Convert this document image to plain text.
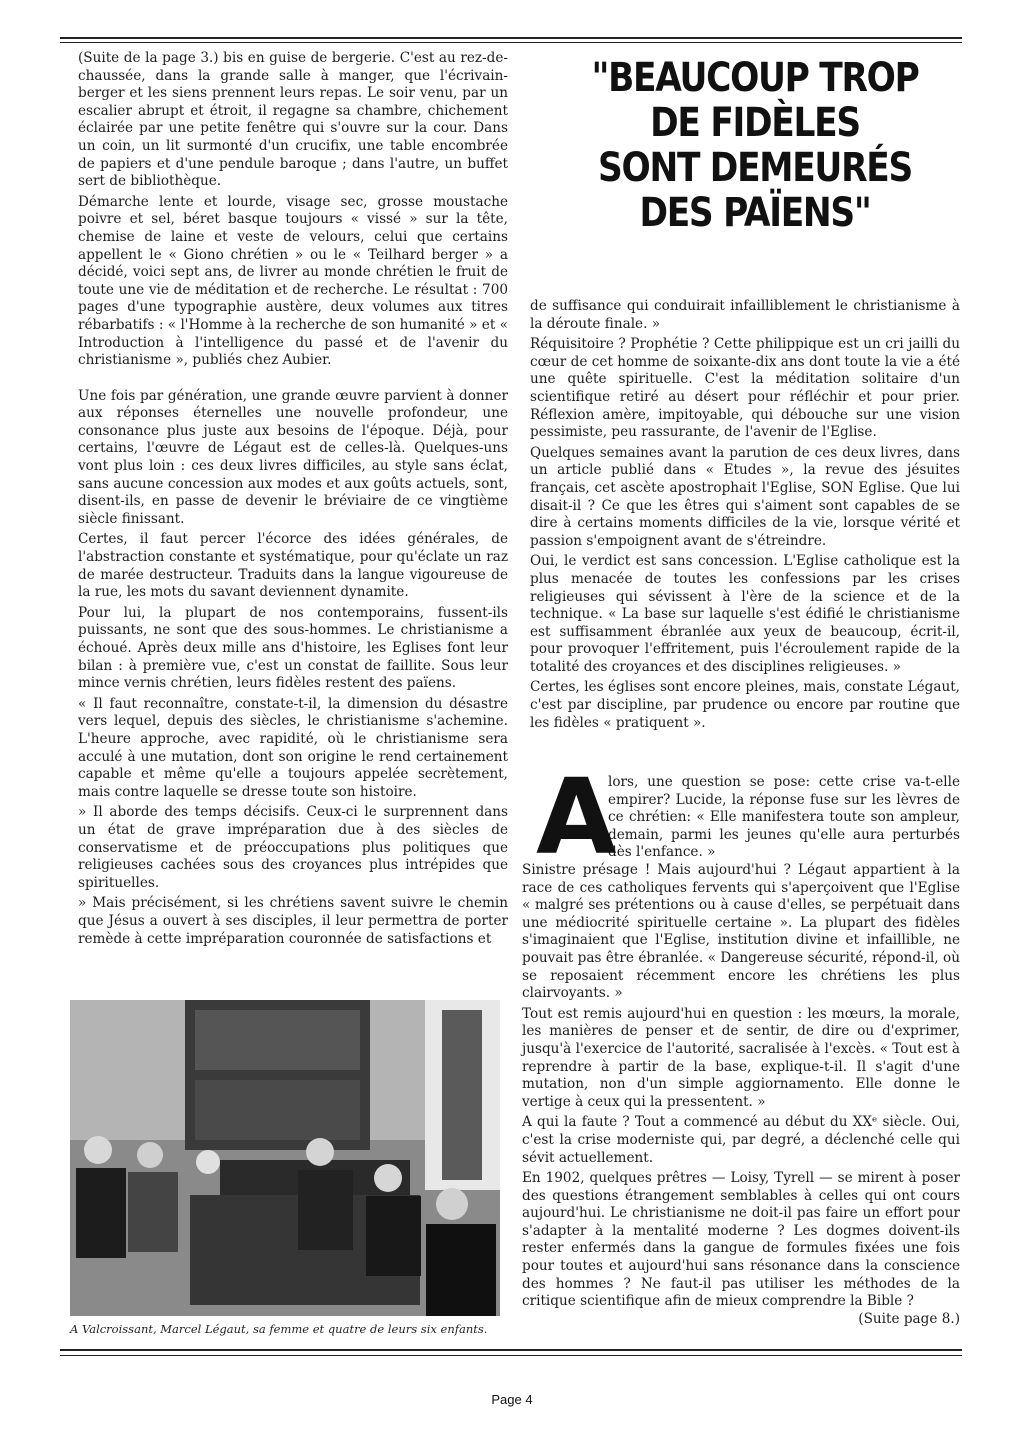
(Suite de la page 3.) bis en guise de bergerie. C'est au rez-de-chaussée, dans la grande salle à manger, que l'écrivain-berger et les siens prennent leurs repas. Le soir venu, par un escalier abrupt et étroit, il regagne sa chambre, chichement éclairée par une petite fenêtre qui s'ouvre sur la cour. Dans un coin, un lit surmonté d'un crucifix, une table encombrée de papiers et d'une pendule baroque ; dans l'autre, un buffet sert de bibliothèque.

Démarche lente et lourde, visage sec, grosse moustache poivre et sel, béret basque toujours « vissé » sur la tête, chemise de laine et veste de velours, celui que certains appellent le « Giono chrétien » ou le « Teilhard berger » a décidé, voici sept ans, de livrer au monde chrétien le fruit de toute une vie de méditation et de recherche. Le résultat : 700 pages d'une typographie austère, deux volumes aux titres rébarbatifs : « l'Homme à la recherche de son humanité » et « Introduction à l'intelligence du passé et de l'avenir du christianisme », publiés chez Aubier.

Une fois par génération, une grande œuvre parvient à donner aux réponses éternelles une nouvelle profondeur, une consonance plus juste aux besoins de l'époque. Déjà, pour certains, l'œuvre de Légaut est de celles-là. Quelques-uns vont plus loin : ces deux livres difficiles, au style sans éclat, sans aucune concession aux modes et aux goûts actuels, sont, disent-ils, en passe de devenir le bréviaire de ce vingtième siècle finissant.

Certes, il faut percer l'écorce des idées générales, de l'abstraction constante et systématique, pour qu'éclate un raz de marée destructeur. Traduits dans la langue vigoureuse de la rue, les mots du savant deviennent dynamite.

Pour lui, la plupart de nos contemporains, fussent-ils puissants, ne sont que des sous-hommes. Le christianisme a échoué. Après deux mille ans d'histoire, les Eglises font leur bilan : à première vue, c'est un constat de faillite. Sous leur mince vernis chrétien, leurs fidèles restent des païens.

« Il faut reconnaître, constate-t-il, la dimension du désastre vers lequel, depuis des siècles, le christianisme s'achemine. L'heure approche, avec rapidité, où le christianisme sera acculé à une mutation, dont son origine le rend certainement capable et même qu'elle a toujours appelée secrètement, mais contre laquelle se dresse toute son histoire.

» Il aborde des temps décisifs. Ceux-ci le surprennent dans un état de grave impréparation due à des siècles de conservatisme et de préoccupations plus politiques que religieuses cachées sous des croyances plus intrépides que spirituelles.

» Mais précisément, si les chrétiens savent suivre le chemin que Jésus a ouvert à ses disciples, il leur permettra de porter remède à cette impréparation couronnée de satisfactions et

"BEAUCOUP TROP
DE FIDÈLES
SONT DEMEURÉS
DES PAÏENS"

de suffisance qui conduirait infailliblement le christianisme à la déroute finale. »

Réquisitoire ? Prophétie ? Cette philippique est un cri jailli du cœur de cet homme de soixante-dix ans dont toute la vie a été une quête spirituelle. C'est la méditation solitaire d'un scientifique retiré au désert pour réfléchir et pour prier. Réflexion amère, impitoyable, qui débouche sur une vision pessimiste, peu rassurante, de l'avenir de l'Eglise.

Quelques semaines avant la parution de ces deux livres, dans un article publié dans « Etudes », la revue des jésuites français, cet ascète apostrophait l'Eglise, SON Eglise. Que lui disait-il ? Ce que les êtres qui s'aiment sont capables de se dire à certains moments difficiles de la vie, lorsque vérité et passion s'empoignent avant de s'étreindre.

Oui, le verdict est sans concession. L'Eglise catholique est la plus menacée de toutes les confessions par les crises religieuses qui sévissent à l'ère de la science et de la technique. « La base sur laquelle s'est édifié le christianisme est suffisamment ébranlée aux yeux de beaucoup, écrit-il, pour provoquer l'effritement, puis l'écroulement rapide de la totalité des croyances et des disciplines religieuses. »

Certes, les églises sont encore pleines, mais, constate Légaut, c'est par discipline, par prudence ou encore par routine que les fidèles « pratiquent ».

A
lors, une question se pose: cette crise va-t-elle empirer? Lucide, la réponse fuse sur les lèvres de ce chrétien: « Elle manifestera toute son ampleur, demain, parmi les jeunes qu'elle aura perturbés dès l'enfance. »

Sinistre présage ! Mais aujourd'hui ? Légaut appartient à la race de ces catholiques fervents qui s'aperçoivent que l'Eglise « malgré ses prétentions ou à cause d'elles, se perpétuait dans une médiocrité spirituelle certaine ». La plupart des fidèles s'imaginaient que l'Eglise, institution divine et infaillible, ne pouvait pas être ébranlée. « Dangereuse sécurité, répond-il, où se reposaient récemment encore les chrétiens les plus clairvoyants. »

Tout est remis aujourd'hui en question : les mœurs, la morale, les manières de penser et de sentir, de dire ou d'exprimer, jusqu'à l'exercice de l'autorité, sacralisée à l'excès. « Tout est à reprendre à partir de la base, explique-t-il. Il s'agit d'une mutation, non d'un simple aggiornamento. Elle donne le vertige à ceux qui la pressentent. »

A qui la faute ? Tout a commencé au début du XXᵉ siècle. Oui, c'est la crise moderniste qui, par degré, a déclenché celle qui sévit actuellement.

En 1902, quelques prêtres — Loisy, Tyrell — se mirent à poser des questions étrangement semblables à celles qui ont cours aujourd'hui. Le christianisme ne doit-il pas faire un effort pour s'adapter à la mentalité moderne ? Les dogmes doivent-ils rester enfermés dans la gangue de formules fixées une fois pour toutes et aujourd'hui sans résonance dans la conscience des hommes ? Ne faut-il pas utiliser les méthodes de la critique scientifique afin de mieux comprendre la Bible ?

(Suite page 8.)
A Valcroissant, Marcel Légaut, sa femme et quatre de leurs six enfants.
Page 4
